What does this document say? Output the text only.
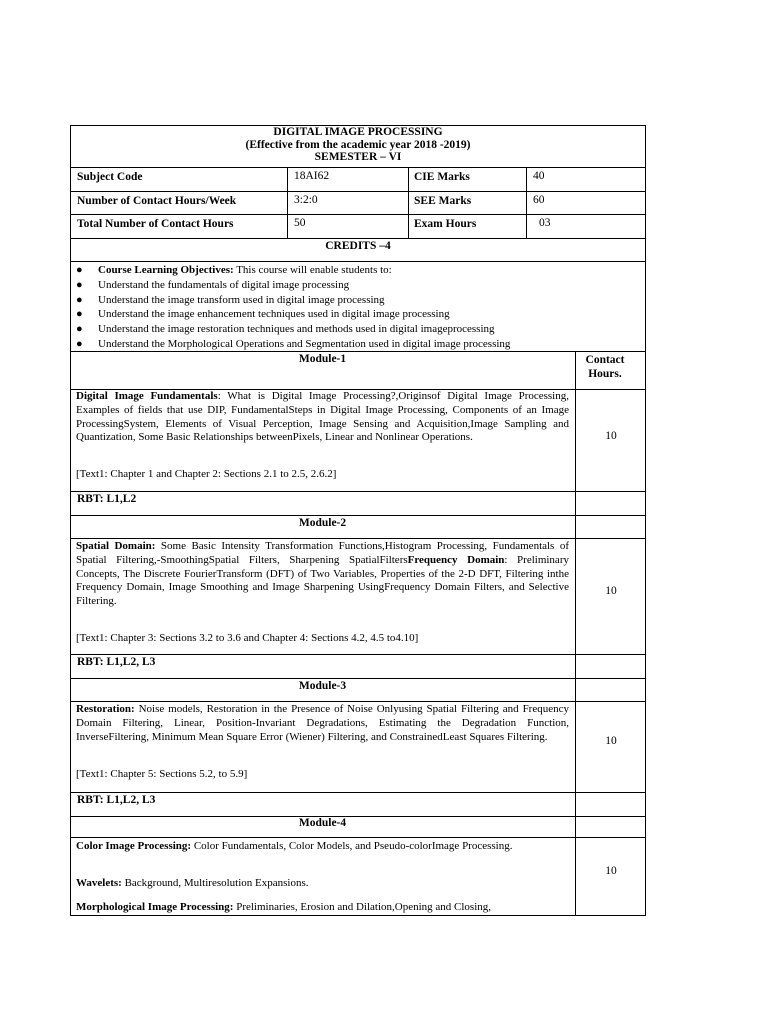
DIGITAL IMAGE PROCESSING
(Effective from the academic year 2018 -2019)
SEMESTER – VI
Subject Code	18AI62	CIE Marks	40
Number of Contact Hours/Week	3:2:0	SEE Marks	60
Total Number of Contact Hours	50	Exam Hours	03
CREDITS –4
● Course Learning Objectives: This course will enable students to:
● Understand the fundamentals of digital image processing
● Understand the image transform used in digital image processing
● Understand the image enhancement techniques used in digital image processing
● Understand the image restoration techniques and methods used in digital imageprocessing
● Understand the Morphological Operations and Segmentation used in digital image processing
Module-1	Contact Hours.
Digital Image Fundamentals: What is Digital Image Processing?,Originsof Digital Image Processing, Examples of fields that use DIP, FundamentalSteps in Digital Image Processing, Components of an Image ProcessingSystem, Elements of Visual Perception, Image Sensing and Acquisition,Image Sampling and Quantization, Some Basic Relationships betweenPixels, Linear and Nonlinear Operations.
[Text1: Chapter 1 and Chapter 2: Sections 2.1 to 2.5, 2.6.2]
10
RBT: L1,L2
Module-2
Spatial Domain: Some Basic Intensity Transformation Functions,Histogram Processing, Fundamentals of Spatial Filtering,-SmoothingSpatial Filters, Sharpening SpatialFiltersFrequency Domain: Preliminary Concepts, The Discrete FourierTransform (DFT) of Two Variables, Properties of the 2-D DFT, Filtering inthe Frequency Domain, Image Smoothing and Image Sharpening UsingFrequency Domain Filters, and Selective Filtering.
[Text1: Chapter 3: Sections 3.2 to 3.6 and Chapter 4: Sections 4.2, 4.5 to4.10]
10
RBT: L1,L2, L3
Module-3
Restoration: Noise models, Restoration in the Presence of Noise Onlyusing Spatial Filtering and Frequency Domain Filtering, Linear, Position-Invariant Degradations, Estimating the Degradation Function, InverseFiltering, Minimum Mean Square Error (Wiener) Filtering, and ConstrainedLeast Squares Filtering.
[Text1: Chapter 5: Sections 5.2, to 5.9]
10
RBT: L1,L2, L3
Module-4
Color Image Processing: Color Fundamentals, Color Models, and Pseudo-colorImage Processing.
Wavelets: Background, Multiresolution Expansions.
Morphological Image Processing: Preliminaries, Erosion and Dilation,Opening and Closing,
10
